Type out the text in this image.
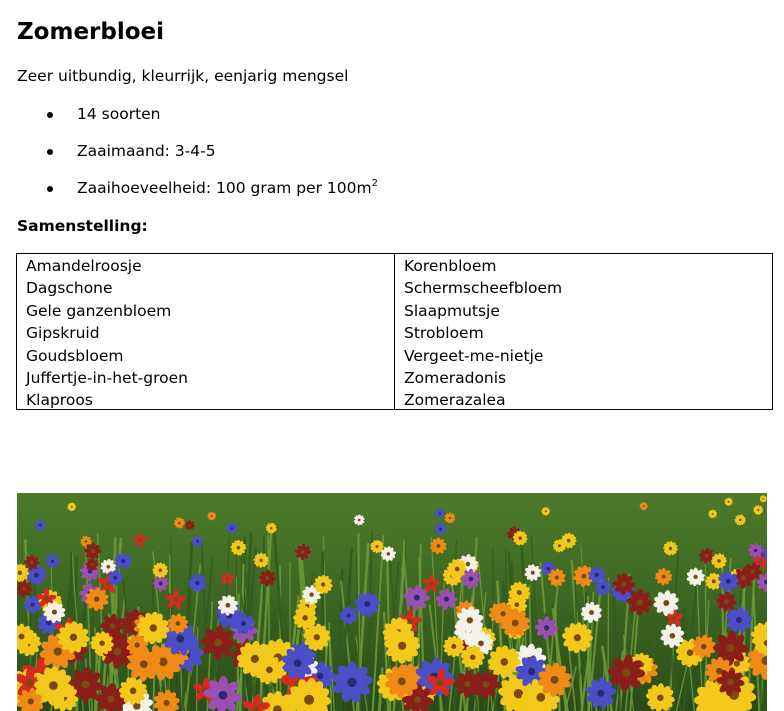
Zomerbloei
Zeer uitbundig, kleurrijk, eenjarig mengsel
14 soorten
Zaaimaand: 3-4-5
Zaaihoeveelheid: 100 gram per $100m^2$
Samenstelling:
Amandelroosje
Dagschone
Gele ganzenbloem
Gipskruid
Goudsbloem
Juffertje-in-het-groen
Klaproos
Korenbloem
Schermscheefbloem
Slaapmutsje
Strobloem
Vergeet-me-nietje
Zomeradonis
Zomerazalea
